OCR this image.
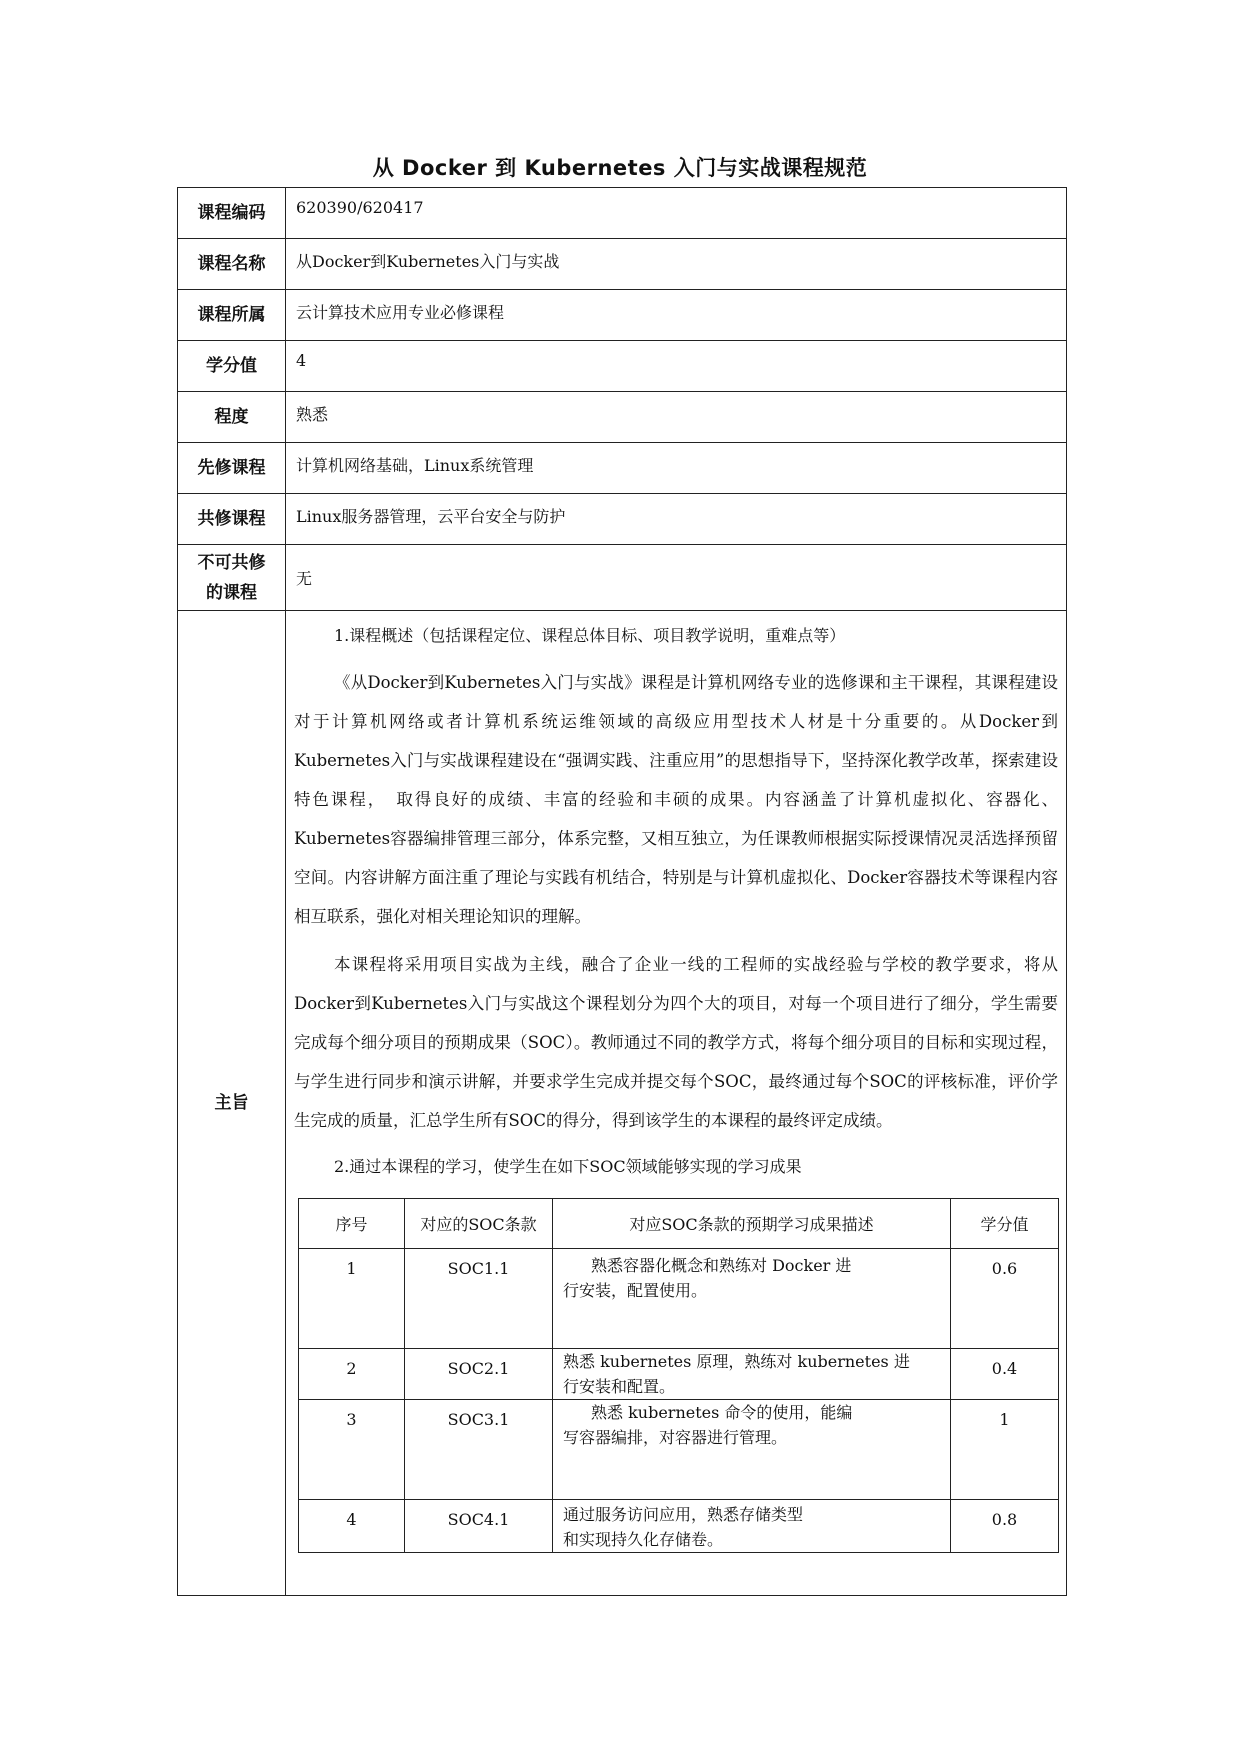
从 Docker 到 Kubernetes 入门与实战课程规范
课程编码	620390/620417
课程名称	从Docker到Kubernetes入门与实战
课程所属	云计算技术应用专业必修课程
学分值	4
程度	熟悉
先修课程	计算机网络基础，Linux系统管理
共修课程	Linux服务器管理，云平台安全与防护

不可共修
的课程
	无
主旨	
1.课程概述（包括课程定位、课程总体目标、项目教学说明，重难点等）

《从Docker到Kubernetes入门与实战》课程是计算机网络专业的选修课和主干课程，其课程建设对于计算机网络或者计算机系统运维领域的高级应用型技术人材是十分重要的。从Docker到Kubernetes入门与实战课程建设在“强调实践、注重应用”的思想指导下，坚持深化教学改革，探索建设特色课程，　取得良好的成绩、丰富的经验和丰硕的成果。内容涵盖了计算机虚拟化、容器化、Kubernetes容器编排管理三部分，体系完整，又相互独立，为任课教师根据实际授课情况灵活选择预留空间。内容讲解方面注重了理论与实践有机结合，特别是与计算机虚拟化、Docker容器技术等课程内容相互联系，强化对相关理论知识的理解。

本课程将采用项目实战为主线，融合了企业一线的工程师的实战经验与学校的教学要求，将从Docker到Kubernetes入门与实战这个课程划分为四个大的项目，对每一个项目进行了细分，学生需要完成每个细分项目的预期成果（SOC）。教师通过不同的教学方式，将每个细分项目的目标和实现过程，与学生进行同步和演示讲解，并要求学生完成并提交每个SOC，最终通过每个SOC的评核标准，评价学生完成的质量，汇总学生所有SOC的得分，得到该学生的本课程的最终评定成绩。

2.通过本课程的学习，使学生在如下SOC领域能够实现的学习成果
序号	对应的SOC条款	对应SOC条款的预期学习成果描述	学分值
1	SOC1.1	熟悉容器化概念和熟练对 Docker 进
行安装，配置使用。
	0.6
2	SOC2.1	熟悉 kubernetes 原理，熟练对 kubernetes 进
行安装和配置。
	0.4
3	SOC3.1	熟悉 kubernetes 命令的使用，能编
写容器编排，对容器进行管理。
	1
4	SOC4.1	通过服务访问应用，熟悉存储类型
和实现持久化存储卷。
	0.8
